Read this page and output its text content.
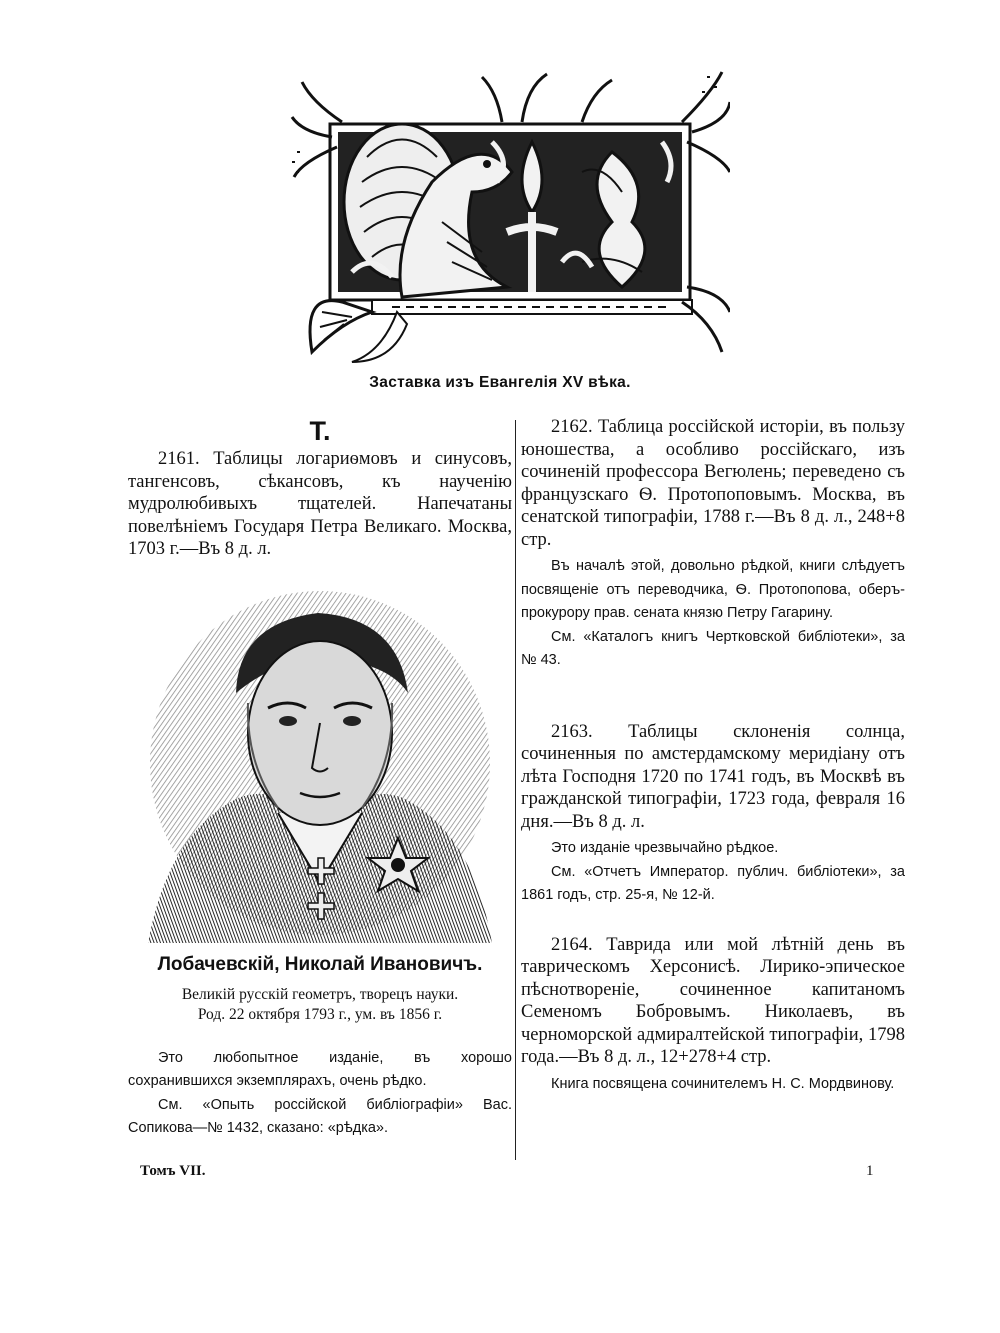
Заставка изъ Евангелія XV вѣка.
Т.

2161. Таблицы логариѳмовъ и синусовъ, тангенсовъ, сѣкансовъ, къ наученію мудролюбивыхъ тщателей. Напечатаны повелѣніемъ Государя Петра Великаго. Москва, 1703 г.—Въ 8 д. л.

Лобачевскій, Николай Ивановичъ.
Великій русскій геометръ, творецъ науки.
Род. 22 октября 1793 г., ум. въ 1856 г.

Это любопытное изданіе, въ хорошо сохранившихся экземплярахъ, очень рѣдко.

См. «Опыть россійской библіографіи» Вас. Сопикова—№ 1432, сказано: «рѣдка».

2162. Таблица россійской исторіи, въ пользу юношества, а особливо россійскаго, изъ сочиненій профессора Вегюлень; переведено съ французскаго Ѳ. Протопоповымъ. Москва, въ сенатской типографіи, 1788 г.—Въ 8 д. л., 248+8 стр.

Въ началѣ этой, довольно рѣдкой, книги слѣдуетъ посвященіе отъ переводчика, Ѳ. Протопопова, оберъ-прокурору прав. сената князю Петру Гагарину.

См. «Каталогъ книгъ Чертковской библіотеки», за № 43.

2163. Таблицы склоненія солнца, сочиненныя по амстердамскому меридіану отъ лѣта Господня 1720 по 1741 годъ, въ Москвѣ въ гражданской типографіи, 1723 года, февраля 16 дня.—Въ 8 д. л.

Это изданіе чрезвычайно рѣдкое.

См. «Отчетъ Император. публич. библіотеки», за 1861 годъ, стр. 25-я, № 12-й.

2164. Таврида или мой лѣтній день въ таврическомъ Херсонисѣ. Лирико-эпическое пѣснотвореніе, сочиненное капитаномъ Семеномъ Бобровымъ. Николаевъ, въ черноморской адмиралтейской типографіи, 1798 года.—Въ 8 д. л., 12+278+4 стр.

Книга посвящена сочинителемъ Н. С. Мордвинову.

Томъ VII.	1
